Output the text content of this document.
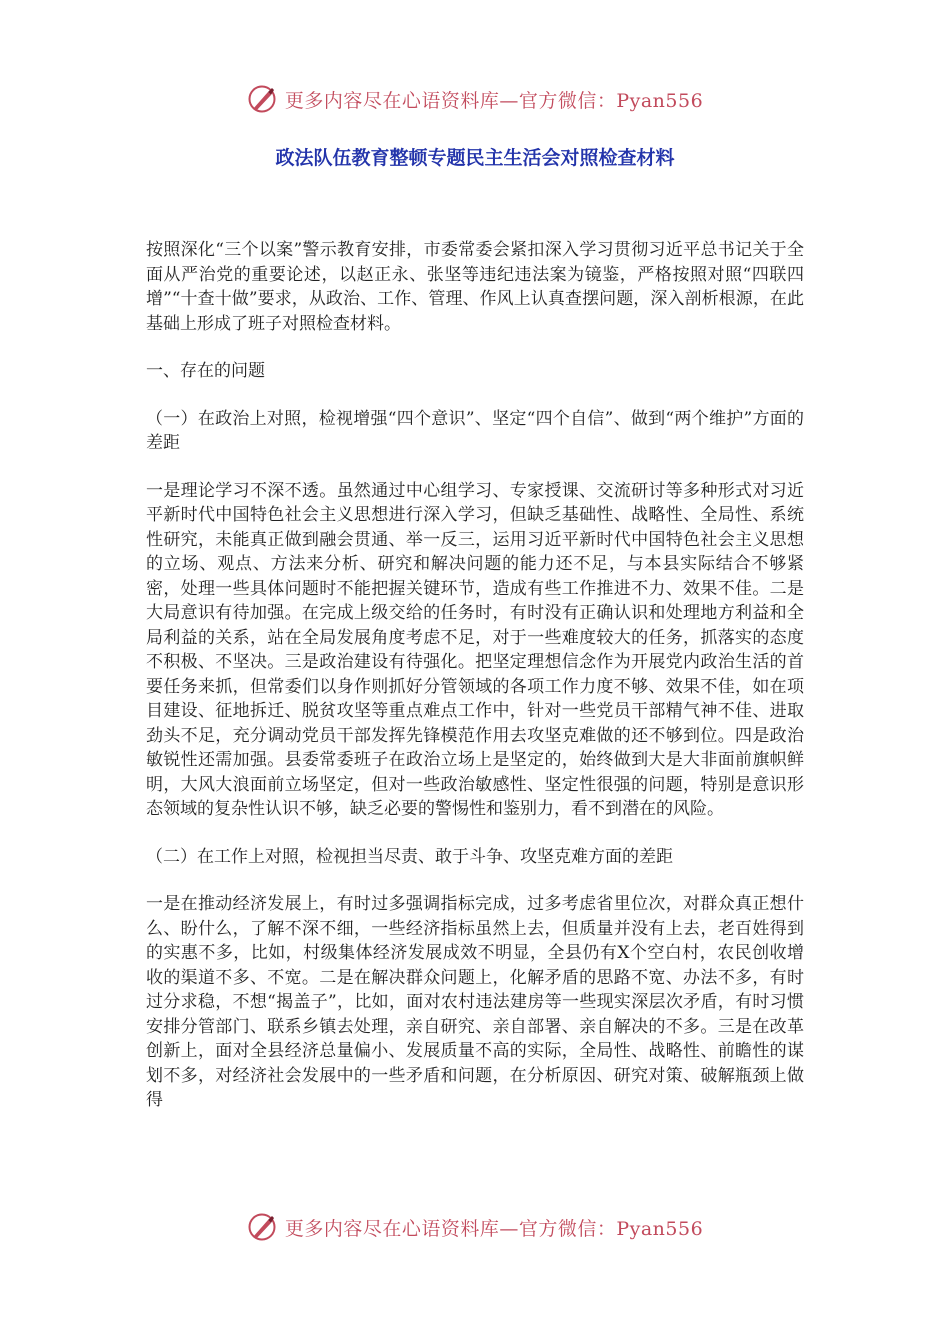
更多内容尽在心语资料库—官方微信：Pyan556
政法队伍教育整顿专题民主生活会对照检查材料

按照深化“三个以案”警示教育安排，市委常委会紧扣深入学习贯彻习近平总书记关于全面从严治党的重要论述，以赵正永、张坚等违纪违法案为镜鉴，严格按照对照“四联四增”“十查十做”要求，从政治、工作、管理、作风上认真查摆问题，深入剖析根源，在此基础上形成了班子对照检查材料。

一、存在的问题

（一）在政治上对照，检视增强“四个意识”、坚定“四个自信”、做到“两个维护”方面的差距

一是理论学习不深不透。虽然通过中心组学习、专家授课、交流研讨等多种形式对习近平新时代中国特色社会主义思想进行深入学习，但缺乏基础性、战略性、全局性、系统性研究，未能真正做到融会贯通、举一反三，运用习近平新时代中国特色社会主义思想的立场、观点、方法来分析、研究和解决问题的能力还不足，与本县实际结合不够紧密，处理一些具体问题时不能把握关键环节，造成有些工作推进不力、效果不佳。二是大局意识有待加强。在完成上级交给的任务时，有时没有正确认识和处理地方利益和全局利益的关系，站在全局发展角度考虑不足，对于一些难度较大的任务，抓落实的态度不积极、不坚决。三是政治建设有待强化。把坚定理想信念作为开展党内政治生活的首要任务来抓，但常委们以身作则抓好分管领域的各项工作力度不够、效果不佳，如在项目建设、征地拆迁、脱贫攻坚等重点难点工作中，针对一些党员干部精气神不佳、进取劲头不足，充分调动党员干部发挥先锋模范作用去攻坚克难做的还不够到位。四是政治敏锐性还需加强。县委常委班子在政治立场上是坚定的，始终做到大是大非面前旗帜鲜明，大风大浪面前立场坚定，但对一些政治敏感性、坚定性很强的问题，特别是意识形态领域的复杂性认识不够，缺乏必要的警惕性和鉴别力，看不到潜在的风险。

（二）在工作上对照，检视担当尽责、敢于斗争、攻坚克难方面的差距

一是在推动经济发展上，有时过多强调指标完成，过多考虑省里位次，对群众真正想什么、盼什么，了解不深不细，一些经济指标虽然上去，但质量并没有上去，老百姓得到的实惠不多，比如，村级集体经济发展成效不明显，全县仍有X个空白村，农民创收增收的渠道不多、不宽。二是在解决群众问题上，化解矛盾的思路不宽、办法不多，有时过分求稳，不想“揭盖子”，比如，面对农村违法建房等一些现实深层次矛盾，有时习惯安排分管部门、联系乡镇去处理，亲自研究、亲自部署、亲自解决的不多。三是在改革创新上，面对全县经济总量偏小、发展质量不高的实际，全局性、战略性、前瞻性的谋划不多，对经济社会发展中的一些矛盾和问题，在分析原因、研究对策、破解瓶颈上做得

更多内容尽在心语资料库—官方微信：Pyan556
